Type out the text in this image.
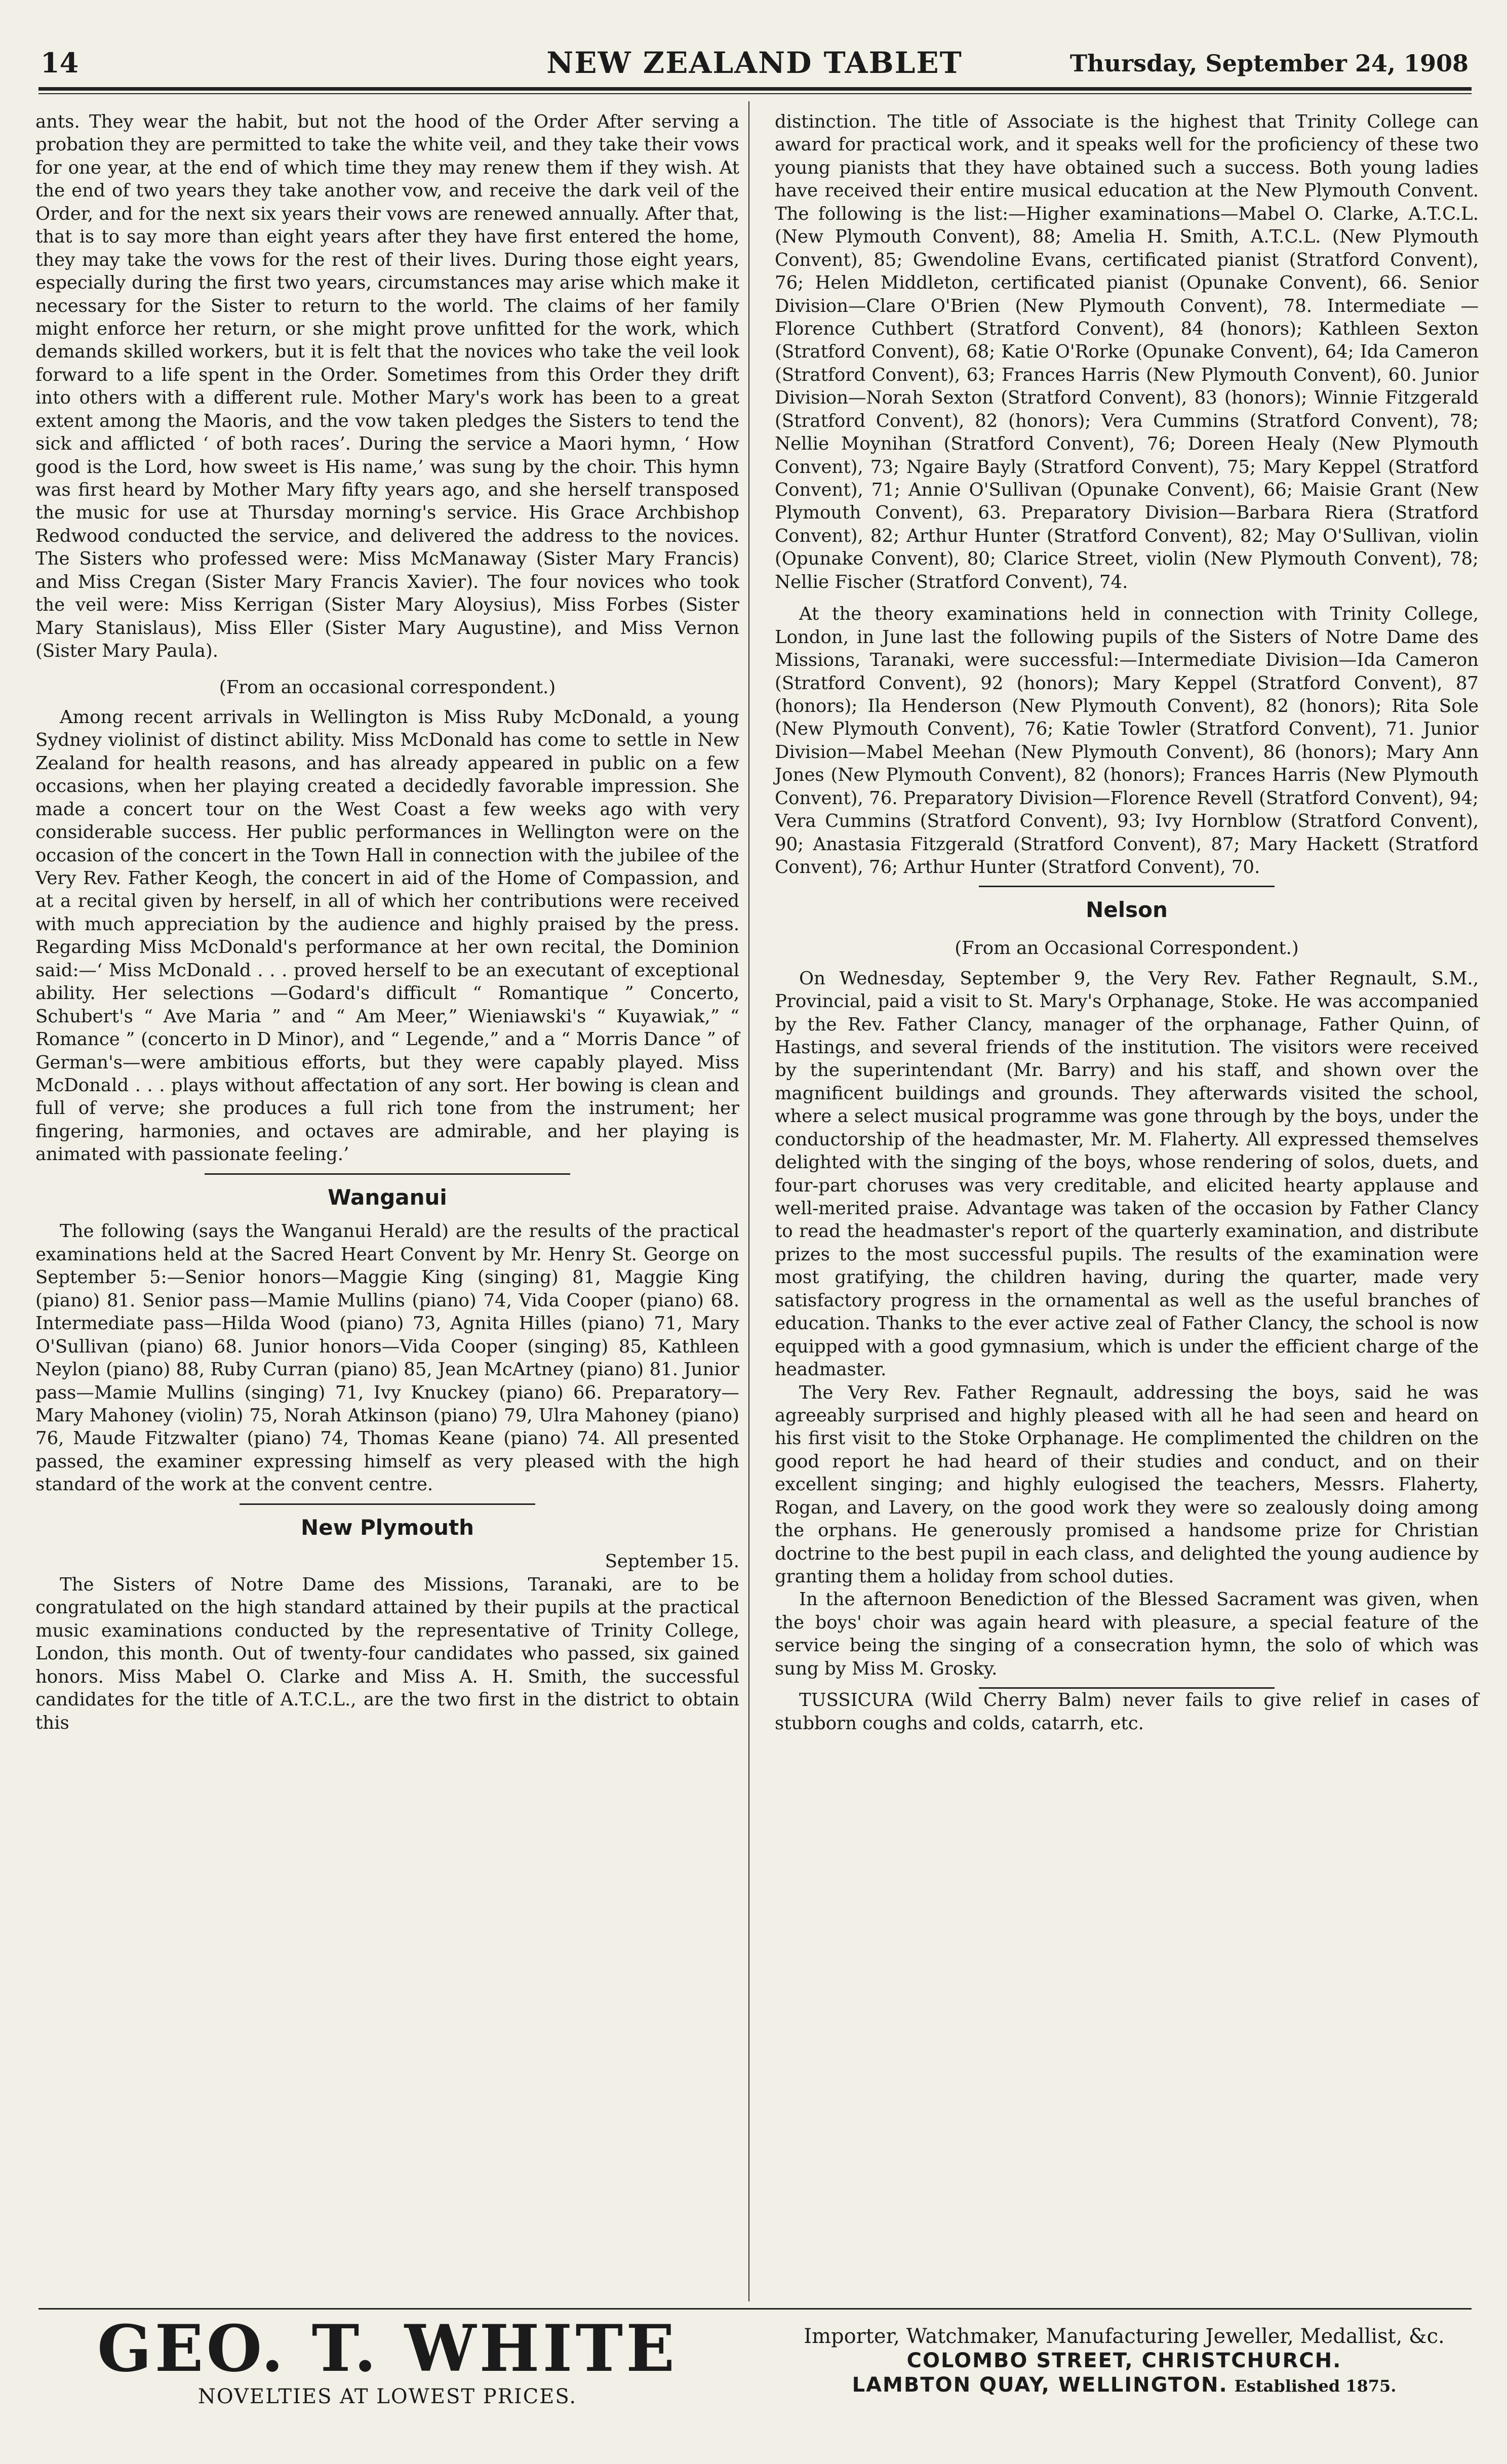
14	NEW ZEALAND TABLET	Thursday, September 24, 1908

ants. They wear the habit, but not the hood of the Order After serving a probation they are permitted to take the white veil, and they take their vows for one year, at the end of which time they may renew them if they wish. At the end of two years they take another vow, and receive the dark veil of the Order, and for the next six years their vows are renewed annually. After that, that is to say more than eight years after they have first entered the home, they may take the vows for the rest of their lives. During those eight years, especially during the first two years, circumstances may arise which make it necessary for the Sister to return to the world. The claims of her family might enforce her return, or she might prove unfitted for the work, which demands skilled workers, but it is felt that the novices who take the veil look forward to a life spent in the Order. Sometimes from this Order they drift into others with a different rule. Mother Mary's work has been to a great extent among the Maoris, and the vow taken pledges the Sisters to tend the sick and afflicted ‘ of both races’. During the service a Maori hymn, ‘ How good is the Lord, how sweet is His name,’ was sung by the choir. This hymn was first heard by Mother Mary fifty years ago, and she herself transposed the music for use at Thursday morning's service. His Grace Archbishop Redwood conducted the service, and delivered the address to the novices. The Sisters who professed were: Miss McManaway (Sister Mary Francis) and Miss Cregan (Sister Mary Francis Xavier). The four novices who took the veil were: Miss Kerrigan (Sister Mary Aloysius), Miss Forbes (Sister Mary Stanislaus), Miss Eller (Sister Mary Augustine), and Miss Vernon (Sister Mary Paula).

(From an occasional correspondent.)

Among recent arrivals in Wellington is Miss Ruby McDonald, a young Sydney violinist of distinct ability. Miss McDonald has come to settle in New Zealand for health reasons, and has already appeared in public on a few occasions, when her playing created a decidedly favorable impression. She made a concert tour on the West Coast a few weeks ago with very considerable success. Her public performances in Wellington were on the occasion of the concert in the Town Hall in connection with the jubilee of the Very Rev. Father Keogh, the concert in aid of the Home of Compassion, and at a recital given by herself, in all of which her contributions were received with much appreciation by the audience and highly praised by the press. Regarding Miss McDonald's performance at her own recital, the Dominion said:—‘ Miss McDonald . . . proved herself to be an executant of exceptional ability. Her selections —Godard's difficult “ Romantique ” Concerto, Schubert's “ Ave Maria ” and “ Am Meer,” Wieniawski's “ Kuyawiak,” “ Romance ” (concerto in D Minor), and “ Legende,” and a “ Morris Dance ” of German's—were ambitious efforts, but they were capably played. Miss McDonald . . . plays without affectation of any sort. Her bowing is clean and full of verve; she produces a full rich tone from the instrument; her fingering, harmonies, and octaves are admirable, and her playing is animated with passionate feeling.’

Wanganui

The following (says the Wanganui Herald) are the results of the practical examinations held at the Sacred Heart Convent by Mr. Henry St. George on September 5:—Senior honors—Maggie King (singing) 81, Maggie King (piano) 81. Senior pass—Mamie Mullins (piano) 74, Vida Cooper (piano) 68. Intermediate pass—Hilda Wood (piano) 73, Agnita Hilles (piano) 71, Mary O'Sullivan (piano) 68. Junior honors—Vida Cooper (singing) 85, Kathleen Neylon (piano) 88, Ruby Curran (piano) 85, Jean McArtney (piano) 81. Junior pass—Mamie Mullins (singing) 71, Ivy Knuckey (piano) 66. Preparatory—Mary Mahoney (violin) 75, Norah Atkinson (piano) 79, Ulra Mahoney (piano) 76, Maude Fitzwalter (piano) 74, Thomas Keane (piano) 74. All presented passed, the examiner expressing himself as very pleased with the high standard of the work at the convent centre.

New Plymouth

September 15.

The Sisters of Notre Dame des Missions, Taranaki, are to be congratulated on the high standard attained by their pupils at the practical music examinations conducted by the representative of Trinity College, London, this month. Out of twenty-four candidates who passed, six gained honors. Miss Mabel O. Clarke and Miss A. H. Smith, the successful candidates for the title of A.T.C.L., are the two first in the district to obtain this

distinction. The title of Associate is the highest that Trinity College can award for practical work, and it speaks well for the proficiency of these two young pianists that they have obtained such a success. Both young ladies have received their entire musical education at the New Plymouth Convent. The following is the list:—Higher examinations—Mabel O. Clarke, A.T.C.L. (New Plymouth Convent), 88; Amelia H. Smith, A.T.C.L. (New Plymouth Convent), 85; Gwendoline Evans, certificated pianist (Stratford Convent), 76; Helen Middleton, certificated pianist (Opunake Convent), 66. Senior Division—Clare O'Brien (New Plymouth Convent), 78. Intermediate — Florence Cuthbert (Stratford Convent), 84 (honors); Kathleen Sexton (Stratford Convent), 68; Katie O'Rorke (Opunake Convent), 64; Ida Cameron (Stratford Convent), 63; Frances Harris (New Plymouth Convent), 60. Junior Division—Norah Sexton (Stratford Convent), 83 (honors); Winnie Fitzgerald (Stratford Convent), 82 (honors); Vera Cummins (Stratford Convent), 78; Nellie Moynihan (Stratford Convent), 76; Doreen Healy (New Plymouth Convent), 73; Ngaire Bayly (Stratford Convent), 75; Mary Keppel (Stratford Convent), 71; Annie O'Sullivan (Opunake Convent), 66; Maisie Grant (New Plymouth Convent), 63. Preparatory Division—Barbara Riera (Stratford Convent), 82; Arthur Hunter (Stratford Convent), 82; May O'Sullivan, violin (Opunake Convent), 80; Clarice Street, violin (New Plymouth Convent), 78; Nellie Fischer (Stratford Convent), 74.

At the theory examinations held in connection with Trinity College, London, in June last the following pupils of the Sisters of Notre Dame des Missions, Taranaki, were successful:—Intermediate Division—Ida Cameron (Stratford Convent), 92 (honors); Mary Keppel (Stratford Convent), 87 (honors); Ila Henderson (New Plymouth Convent), 82 (honors); Rita Sole (New Plymouth Convent), 76; Katie Towler (Stratford Convent), 71. Junior Division—Mabel Meehan (New Plymouth Convent), 86 (honors); Mary Ann Jones (New Plymouth Convent), 82 (honors); Frances Harris (New Plymouth Convent), 76. Preparatory Division—Florence Revell (Stratford Convent), 94; Vera Cummins (Stratford Convent), 93; Ivy Hornblow (Stratford Convent), 90; Anastasia Fitzgerald (Stratford Convent), 87; Mary Hackett (Stratford Convent), 76; Arthur Hunter (Stratford Convent), 70.

Nelson

(From an Occasional Correspondent.)

On Wednesday, September 9, the Very Rev. Father Regnault, S.M., Provincial, paid a visit to St. Mary's Orphanage, Stoke. He was accompanied by the Rev. Father Clancy, manager of the orphanage, Father Quinn, of Hastings, and several friends of the institution. The visitors were received by the superintendant (Mr. Barry) and his staff, and shown over the magnificent buildings and grounds. They afterwards visited the school, where a select musical programme was gone through by the boys, under the conductorship of the headmaster, Mr. M. Flaherty. All expressed themselves delighted with the singing of the boys, whose rendering of solos, duets, and four-part choruses was very creditable, and elicited hearty applause and well-merited praise. Advantage was taken of the occasion by Father Clancy to read the headmaster's report of the quarterly examination, and distribute prizes to the most successful pupils. The results of the examination were most gratifying, the children having, during the quarter, made very satisfactory progress in the ornamental as well as the useful branches of education. Thanks to the ever active zeal of Father Clancy, the school is now equipped with a good gymnasium, which is under the efficient charge of the headmaster.

The Very Rev. Father Regnault, addressing the boys, said he was agreeably surprised and highly pleased with all he had seen and heard on his first visit to the Stoke Orphanage. He complimented the children on the good report he had heard of their studies and conduct, and on their excellent singing; and highly eulogised the teachers, Messrs. Flaherty, Rogan, and Lavery, on the good work they were so zealously doing among the orphans. He generously promised a handsome prize for Christian doctrine to the best pupil in each class, and delighted the young audience by granting them a holiday from school duties.

In the afternoon Benediction of the Blessed Sacrament was given, when the boys' choir was again heard with pleasure, a special feature of the service being the singing of a consecration hymn, the solo of which was sung by Miss M. Grosky.

TUSSICURA (Wild Cherry Balm) never fails to give relief in cases of stubborn coughs and colds, catarrh, etc.

GEO. T. WHITE
NOVELTIES AT LOWEST PRICES.
Importer, Watchmaker, Manufacturing Jeweller, Medallist, &c.
COLOMBO STREET, CHRISTCHURCH.
LAMBTON QUAY, WELLINGTON. Established 1875.
